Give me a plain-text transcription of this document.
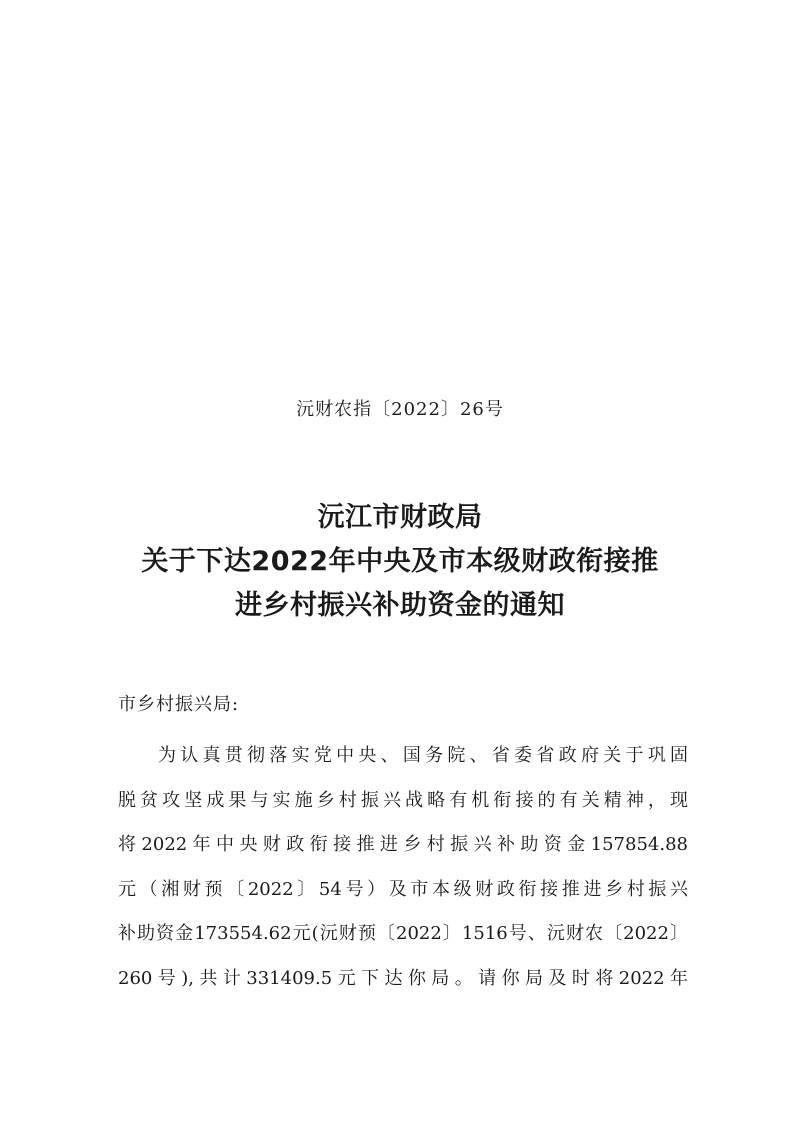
沅财农指〔2022〕26号
沅江市财政局
关于下达2022年中央及市本级财政衔接推
进乡村振兴补助资金的通知
市乡村振兴局:
为认真贯彻落实党中央、国务院、省委省政府关于巩固
脱贫攻坚成果与实施乡村振兴战略有机衔接的有关精神，现
将2022年中央财政衔接推进乡村振兴补助资金157854.88
元（湘财预〔2022〕54号）及市本级财政衔接推进乡村振兴
补助资金173554.62元(沅财预〔2022〕1516号、沅财农〔2022〕
260号),共计331409.5元下达你局。请你局及时将2022年
